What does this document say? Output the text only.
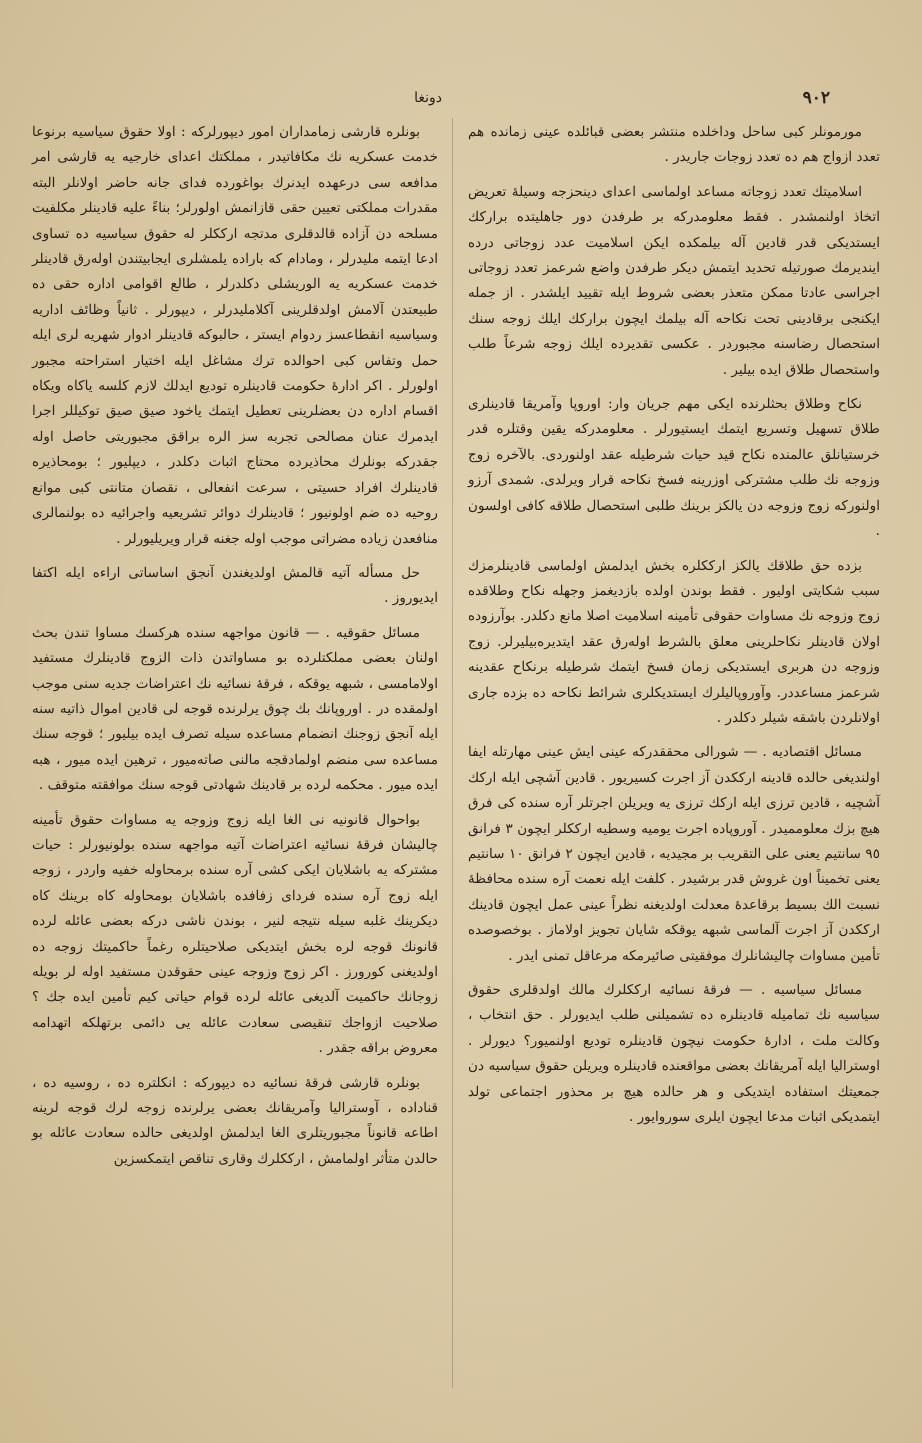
٩٠٢
دونغا

مورمونلر کبی ساحل وداخلده منتشر بعضی قبائلده عینی زمانده هم تعدد ازواج هم ده تعدد زوجات جاریدر .

اسلامیتك تعدد زوجاته مساعد اولماسی اعدای دینحزجه وسیلهٔ تعریض اتخاذ اولنمشدر . فقط معلومدرکه بر طرفدن دور جاهلیتده برارکك ایستدیکی قدر قادین آله بیلمکده ایکن اسلامیت عدد زوجاتی دردە ایندیرمك صورتیله تحدید ایتمش دیکر طرفدن واضع شرعمز تعدد زوجاتی اجراسی عادتا ممکن متعذر بعضی شروط ایله تقیید ایلشدر . از جمله ایکنجی برقادینی تحت نکاحه آله بیلمك ایچون برارکك ایلك زوجه سنك استحصال رضاسنه مجبوردر . عکسی تقدیرده ایلك زوجه شرعاً طلب واستحصال طلاق ایده بیلیر .

نکاح وطلاق بحثلرنده ایکی مهم جریان وار: اوروپا وآمریقا قادینلری طلاق تسهیل وتسریع ایتمك ایستیورلر . معلومدرکه یقین وقتلره قدر خرستیانلق عالمنده نکاح قید حیات شرطیله عقد اولنوردی. بالآخره زوج وزوجه نك طلب مشترکی اوزرینه فسخ نکاحه قرار ویرلدی. شمدی آرزو اولنورکه زوج وزوجه دن یالکز برینك طلبی استحصال طلاقه کافی اولسون .

بزده حق طلاقك یالکز ارککلره بخش ایدلمش اولماسی قادینلرمزك سبب شکایتی اولیور . فقط بوندن اولده بازدیغمز وجهله نکاح وطلاقده زوج وزوجه نك مساوات حقوقی تأمینه اسلامیت اصلا مانع دکلدر. بوآرزوده اولان قادینلر نکاحلرینی معلق بالشرط اولەرق عقد ایتدیرەبیلیرلر. زوج وزوجه دن هربری ایستدیکی زمان فسخ ایتمك شرطیله برنکاح عقدینه شرعمز مساعددر. وآوروپالیلرك ایستدیکلری شرائط نکاحه ده بزده جاری اولانلردن باشقه شیلر دکلدر .

مسائل اقتصادیه . — شورالی محققدرکه عینی ایش عینی مهارتله ایفا اولندیغی حالده قادینه ارککدن آز اجرت کسیریور . قادین آشچی ایله ارکك آشچیه ، قادین ترزی ایله ارکك ترزی یه ویریلن اجرتلر آره سنده کی فرق هیچ بزك معلوممیدر . آوروپاده اجرت یومیه وسطیه ارککلر ایچون ٣ فرانق ٩٥ سانتیم یعنی علی التقریب بر مجیدیه ، قادین ایچون ٢ فرانق ١٠ سانتیم یعنی تخمیناً اون غروش قدر برشیدر . کلفت ایله نعمت آره سنده محافظهٔ نسبت الك بسیط برقاعدهٔ معدلت اولدیغنه نظراً عینی عمل ایچون قادینك ارککدن آز اجرت آلماسی شبهه یوقکه شایان تجویز اولاماز . بوخصوصده تأمین مساوات چالیشانلرك موفقیتی صائیرمکه مرعاقل تمنی ایدر .

مسائل سیاسیه . — فرقهٔ نسائیه ارککلرك مالك اولدقلری حقوق سیاسیه نك تمامیله قادینلره ده تشمیلنی طلب ایدیورلر . حق انتخاب ، وکالت ملت ، ادارهٔ حکومت نیچون قادینلره تودیع اولنمیور؟ دیورلر . اوسترالیا ایله آمریقانك بعضی مواقعنده قادینلره ویریلن حقوق سیاسیه دن جمعیتك استفاده ایتدیکی و هر حالده هیچ بر محذور اجتماعی تولد ایتمدیکی اثبات مدعا ایچون ایلری سوروایور .

بونلره قارشی زمامداران امور دیپورلرکه : اولا حقوق سیاسیه برنوعا خدمت عسکریه نك مکافاتیدر ، مملکتك اعدای خارجیه یه قارشی امر مدافعه سی درعهده ایدنرك بواغورده فدای جانه حاضر اولانلر البته مقدرات مملکتی تعیین حقی قازانمش اولورلر؛ بناءً علیه قادینلر مکلفیت مسلحه دن آزاده قالدقلری مدتجه ارککلر له حقوق سیاسیه ده تساوی ادعا ایتمه ملیدرلر ، ومادام که باراده یلمشلری ایجابیتندن اولەرق قادینلر خدمت عسکریه یه الوریشلی دکلدرلر ، طالع اقوامی اداره حقی ده طبیعتدن آلامش اولدقلرینی آکلاملیدرلر ، دیپورلر . ثانیاً وظائف اداریه وسیاسیه انقطاعسز ردوام ایستر ، حالبوکه قادینلر ادوار شهریه لری ایله حمل وتفاس کبی احوالده ترك مشاغل ایله اختیار استراحته مجبور اولورلر . اکر ادارهٔ حکومت قادینلره تودیع ایدلك لازم کلسه یاکاه ویکاه اقسام اداره دن بعضلرینی تعطیل ایتمك یاخود صیق صیق توکیللر اجرا ایدمرك عنان مصالحی تجربه سز الره براقق مجبوریتی حاصل اوله جقدرکه بونلرك محاذیرده محتاج اثبات دکلدر ، دیپلیور ؛ بومحاذیره قادینلرك افراد حسیتی ، سرعت انفعالی ، نقصان متانتی کبی موانع روحیه ده ضم اولونیور ؛ قادینلرك دوائر تشریعیه واجرائیه ده بولنمالری منافعدن زیاده مضراتی موجب اوله جغنه قرار ویریلیورلر .

حل مسأله آتیه قالمش اولدیغندن آنجق اساساتی اراءه ایله اکتفا ایدیوروز .

مسائل حقوقیه . — قانون مواجهه سنده هرکسك مساوا تندن بحث اولنان بعضی مملکتلرده بو مساواتدن ذات الزوج قادینلرك مستفید اولامامسی ، شبهه یوقکه ، فرقهٔ نسائیه نك اعتراضات جدیه سنی موجب اولمقده در . اوروپانك بك چوق یرلرنده قوجه لی قادین اموال ذاتیه سنه ایله آنجق زوجنك انضمام مساعده سیله تصرف ایده بیلیور ؛ قوجه سنك مساعده سی منضم اولمادقجه مالنی صاتەمیور ، ترهین ایده میور ، هبه ایده میور . محکمه لرده بر قادینك شهادتی قوجه سنك موافقته متوقف .

بواحوال قانونیه نی الغا ایله زوج وزوجه یه مساوات حقوق تأمینه چالیشان فرقهٔ نسائیه اعتراضات آتیه مواجهه سنده بولونیورلر : حیات مشترکه یه باشلایان ایکی کشی آره سنده برمحاوله خفیه واردر ، زوجه ایله زوج آره سنده فردای زفافده باشلایان بومحاوله کاه برینك کاه دیکرینك غلبه سیله نتیجه لنیر ، بوندن ناشی درکه بعضی عائله لرده قانونك قوجه لره بخش ایتدیکی صلاحیتلره رغماً حاکمیتك زوجه ده اولدیغنی کورورز . اکر زوج وزوجه عینی حقوقدن مستفید اوله لر بویله زوجانك حاکمیت آلدیغی عائله لرده قوام حیاتی کیم تأمین ایده جك ؟ صلاحیت ازواجك تنقیصی سعادت عائله یی دائمی برتهلکه اتهدامه معروض براقه جقدر .

بونلره قارشی فرقهٔ نسائیه ده دیپورکه : انکلتره ده ، روسیه ده ، قناداده ، آوسترالیا وآمریقانك بعضی یرلرنده زوجه لرك قوجه لرینه اطاعه قانوناً مجبوریتلری الغا ایدلمش اولدیغی حالده سعادت عائله بو حالدن متأثر اولمامش ، ارککلرك وقاری تناقص ایتمکسزین
